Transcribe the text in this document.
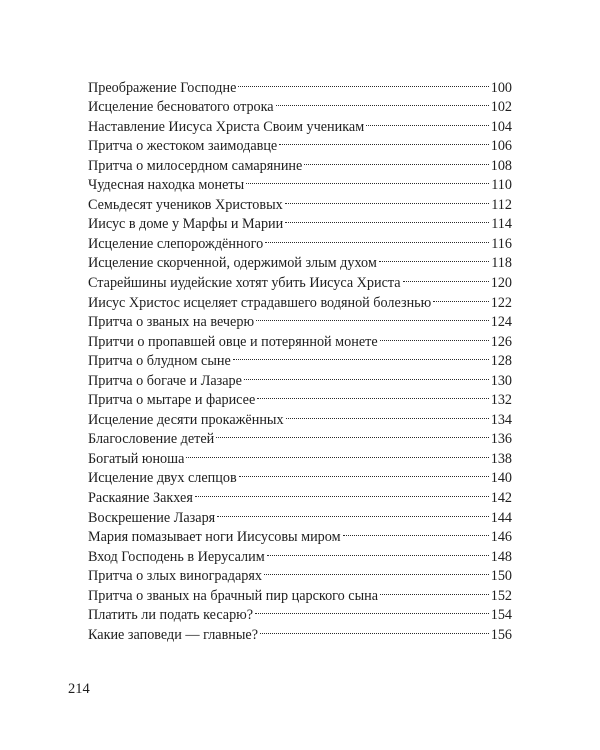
Преображение Господне	100
Исцеление бесноватого отрока	102
Наставление Иисуса Христа Своим ученикам	104
Притча о жестоком заимодавце	106
Притча о милосердном самарянине	108
Чудесная находка монеты	110
Семьдесят учеников Христовых	112
Иисус в доме у Марфы и Марии	114
Исцеление слепорождённого	116
Исцеление скорченной, одержимой злым духом	118
Старейшины иудейские хотят убить Иисуса Христа	120
Иисус Христос исцеляет страдавшего водяной болезнью	122
Притча о званых на вечерю	124
Притчи о пропавшей овце и потерянной монете	126
Притча о блудном сыне	128
Притча о богаче и Лазаре	130
Притча о мытаре и фарисее	132
Исцеление десяти прокажённых	134
Благословение детей	136
Богатый юноша	138
Исцеление двух слепцов	140
Раскаяние Закхея	142
Воскрешение Лазаря	144
Мария помазывает ноги Иисусовы миром	146
Вход Господень в Иерусалим	148
Притча о злых виноградарях	150
Притча о званых на брачный пир царского сына	152
Платить ли подать кесарю?	154
Какие заповеди — главные?	156
214
